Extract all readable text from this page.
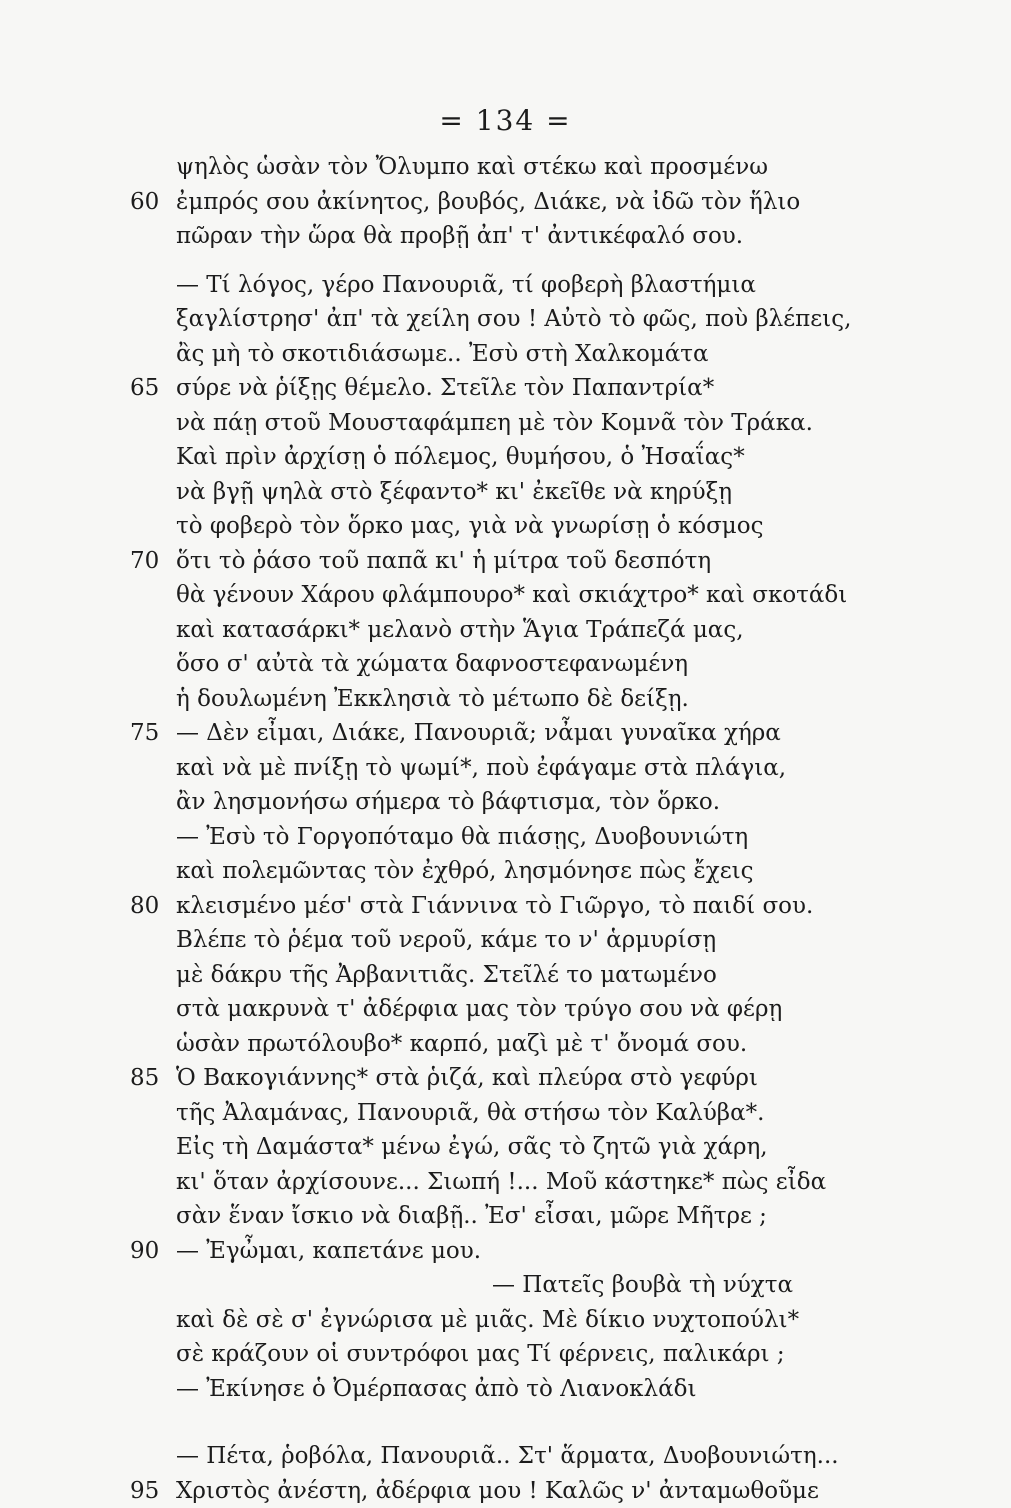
= 134 =
ψηλὸς ὡσὰν τὸν Ὄλυμπο καὶ στέκω καὶ προσμένω
60 ἐμπρός σου ἀκίνητος, βουβός, Διάκε, νὰ ἰδῶ τὸν ἥλιο
πῶραν τὴν ὥρα θὰ προβῇ ἀπ' τ' ἀντικέφαλό σου.
— Τί λόγος, γέρο Πανουριᾶ, τί φοβερὴ βλαστήμια
ξαγλίστρησ' ἀπ' τὰ χείλη σου ! Αὐτὸ τὸ φῶς, ποὺ βλέπεις,
ἂς μὴ τὸ σκοτιδιάσωμε.. Ἐσὺ στὴ Χαλκομάτα
65 σύρε νὰ ῥίξῃς θέμελο. Στεῖλε τὸν Παπαντρία*
νὰ πάῃ στοῦ Μουσταφάμπεη μὲ τὸν Κομνᾶ τὸν Τράκα.
Καὶ πρὶν ἀρχίσῃ ὁ πόλεμος, θυμήσου, ὁ Ἠσαΐας*
νὰ βγῇ ψηλὰ στὸ ξέφαντο* κι' ἐκεῖθε νὰ κηρύξῃ
τὸ φοβερὸ τὸν ὅρκο μας, γιὰ νὰ γνωρίσῃ ὁ κόσμος
70 ὅτι τὸ ῥάσο τοῦ παπᾶ κι' ἡ μίτρα τοῦ δεσπότη
θὰ γένουν Χάρου φλάμπουρο* καὶ σκιάχτρο* καὶ σκοτάδι
καὶ κατασάρκι* μελανὸ στὴν Ἅγια Τράπεζά μας,
ὅσο σ' αὐτὰ τὰ χώματα δαφνοστεφανωμένη
ἡ δουλωμένη Ἐκκλησιὰ τὸ μέτωπο δὲ δείξῃ.
75 — Δὲν εἶμαι, Διάκε, Πανουριᾶ; νἆμαι γυναῖκα χήρα
καὶ νὰ μὲ πνίξῃ τὸ ψωμί*, ποὺ ἐφάγαμε στὰ πλάγια,
ἂν λησμονήσω σήμερα τὸ βάφτισμα, τὸν ὅρκο.
— Ἐσὺ τὸ Γοργοπόταμο θὰ πιάσῃς, Δυοβουνιώτη
καὶ πολεμῶντας τὸν ἐχθρό, λησμόνησε πὼς ἔχεις
80 κλεισμένο μέσ' στὰ Γιάννινα τὸ Γιῶργο, τὸ παιδί σου.
Βλέπε τὸ ῥέμα τοῦ νεροῦ, κάμε το ν' ἁρμυρίσῃ
μὲ δάκρυ τῆς Ἀρβανιτιᾶς. Στεῖλέ το ματωμένο
στὰ μακρυνὰ τ' ἀδέρφια μας τὸν τρύγο σου νὰ φέρῃ
ὡσὰν πρωτόλουβο* καρπό, μαζὶ μὲ τ' ὄνομά σου.
85 Ὁ Βακογιάννης* στὰ ῥιζά, καὶ πλεύρα στὸ γεφύρι
τῆς Ἀλαμάνας, Πανουριᾶ, θὰ στήσω τὸν Καλύβα*.
Εἰς τὴ Δαμάστα* μένω ἐγώ, σᾶς τὸ ζητῶ γιὰ χάρη,
κι' ὅταν ἀρχίσουνε... Σιωπή !... Μοῦ κάστηκε* πὼς εἶδα
σὰν ἕναν ἴσκιο νὰ διαβῇ.. Ἐσ' εἶσαι, μῶρε Μῆτρε ;
90 — Ἐγὦμαι, καπετάνε μου.
— Πατεῖς βουβὰ τὴ νύχτα
καὶ δὲ σὲ σ' ἐγνώρισα μὲ μιᾶς. Μὲ δίκιο νυχτοπούλι*
σὲ κράζουν οἱ συντρόφοι μας Τί φέρνεις, παλικάρι ;
— Ἐκίνησε ὁ Ὀμέρπασας ἀπὸ τὸ Λιανοκλάδι
— Πέτα, ῥοβόλα, Πανουριᾶ.. Στ' ἅρματα, Δυοβουνιώτη...
95 Χριστὸς ἀνέστη, ἀδέρφια μου ! Καλῶς ν' ἀνταμωθοῦμε
